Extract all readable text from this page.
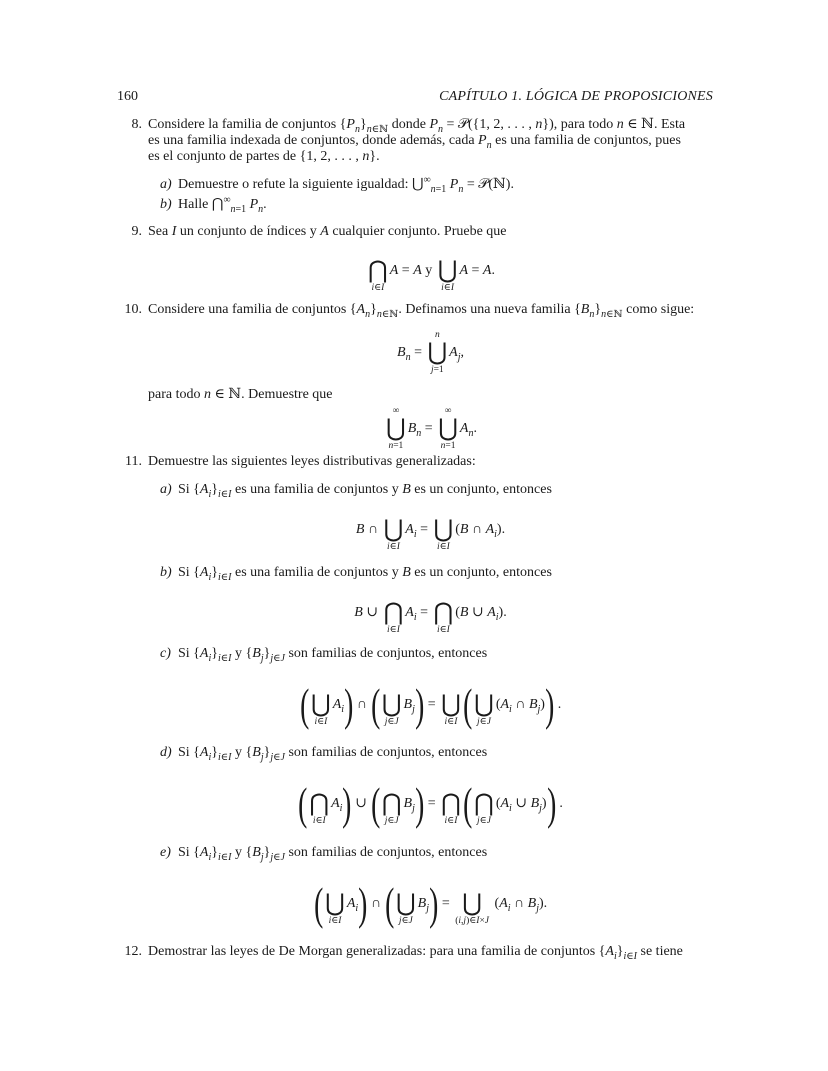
160	CAPÍTULO 1. LÓGICA DE PROPOSICIONES
8. Considere la familia de conjuntos $\{P_n\}_{n\in ℕ}$ donde $P_n$ = 𝒫({1, 2, . . . , n}), para todo n ∈ ℕ. Esta
es una familia indexada de conjuntos, donde además, cada $P_n$ es una familia de conjuntos, pues
es el conjunto de partes de {1, 2, . . . , n}.
a) Demuestre o refute la siguiente igualdad: $⋃^\infty_{n=1}$ $P_n$ = 𝒫(ℕ).
b) Halle $⋂^\infty_{n=1}$ $P_n$.
9. Sea I un conjunto de índices y A cualquier conjunto. Pruebe que
⋂
i∈I
A = A y ⋃
i∈I
A = A.
10. Considere una familia de conjuntos $\{A_n\}_{n\in ℕ}$. Definamos una nueva familia $\{B_n\}_{n\in ℕ}$ como sigue:
$B_n$ =
n
⋃
j=1
$A_j$,
para todo n ∈ ℕ. Demuestre que
∞
⋃
n=1
$B_n$ =
∞
⋃
n=1
$A_n$.
11. Demuestre las siguientes leyes distributivas generalizadas:
a) Si $\{A_i\}_{i\in I}$ es una familia de conjuntos y B es un conjunto, entonces
B ∩ ⋃
i∈I
$A_i$ = ⋃
i∈I
(B ∩ $A_i$).
b) Si $\{A_i\}_{i\in I}$ es una familia de conjuntos y B es un conjunto, entonces
B ∪ ⋂
i∈I
$A_i$ = ⋂
i∈I
(B ∪ $A_i$).
c) Si $\{A_i\}_{i\in I}$ y $\{B_j\}_{j\in J}$ son familias de conjuntos, entonces
( ⋃
i∈I
$A_i$) ∩ ( ⋃
j∈J
$B_j$) = ⋃
i∈I ( ⋃
j∈J
($A_i$ ∩ $B_j$)) .
d) Si $\{A_i\}_{i\in I}$ y $\{B_j\}_{j\in J}$ son familias de conjuntos, entonces
( ⋂
i∈I
$A_i$) ∪ ( ⋂
j∈J
$B_j$) = ⋂
i∈I ( ⋂
j∈J
($A_i$ ∪ $B_j$)) .
e) Si $\{A_i\}_{i\in I}$ y $\{B_j\}_{j\in J}$ son familias de conjuntos, entonces
( ⋃
i∈I
$A_i$) ∩ ( ⋃
j∈J
$B_j$) = ⋃
(i,j)∈I×J
($A_i$ ∩ $B_j$).
12. Demostrar las leyes de De Morgan generalizadas: para una familia de conjuntos $\{A_i\}_{i\in I}$ se tiene
